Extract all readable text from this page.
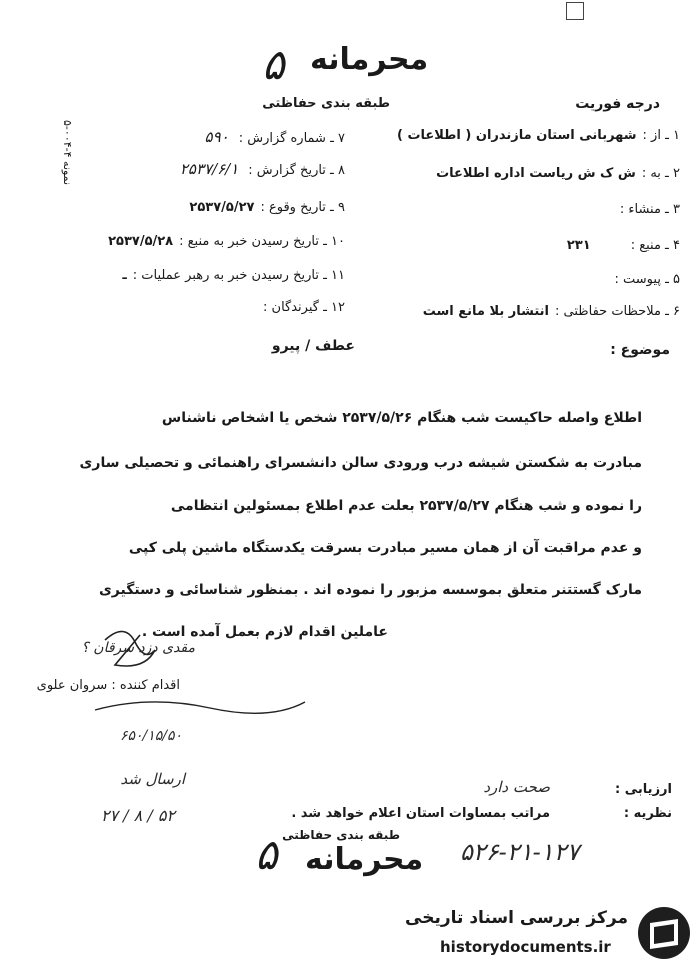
محرمانه
۵
نمونه ۴-۰۰۴-۵
درجه فوریت
طبقه بندی حفاظتی
۱ ـ از :شهربانی استان مازندران ( اطلاعات )
۲ ـ به :ش ک ش ریاست اداره اطلاعات
۳ ـ منشاء :
۴ ـ منبع :۲۳۱
۵ ـ پیوست :
۶ ـ ملاحظات حفاظتی :انتشار بلا مانع است
۷ ـ شماره گزارش :۵۹۰
۸ ـ تاریخ گزارش :۲۵۳۷/۶/۱
۹ ـ تاریخ وقوع :۲۵۳۷/۵/۲۷
۱۰ ـ تاریخ رسیدن خبر به منبع :۲۵۳۷/۵/۲۸
۱۱ ـ تاریخ رسیدن خبر به رهبر عملیات :ـ
۱۲ ـ گیرندگان :
موضوع :
عطف / پیرو
اطلاع واصله حاکیست شب هنگام ۲۵۳۷/۵/۲۶ شخص یا اشخاص ناشناس
مبادرت به شکستن شیشه درب ورودی سالن دانشسرای راهنمائی و تحصیلی ساری
را نموده و شب هنگام ۲۵۳۷/۵/۲۷ بعلت عدم اطلاع بمسئولین انتظامی
و عدم مراقبت آن از همان مسیر مبادرت بسرقت یکدستگاه ماشین پلی کپی
مارک گستتنر متعلق بموسسه مزبور را نموده اند . بمنظور شناسائی و دستگیری
عاملین اقدام لازم بعمل آمده است .
مقدی دزد سرقان ؟
اقدام کننده : سروان علوی
۶۵۰/۱۵/۵۰
ارسال شد
۵۲ / ۸ / ۲۷
ارزیابی :
صحت دارد
نظریه :
مراتب بمساوات استان اعلام خواهد شد .
طبقه بندی حفاظتی
محرمانه
۵	۵۲۶-۲۱-۱۲۷
مرکز بررسی اسناد تاریخی
historydocuments.ir
